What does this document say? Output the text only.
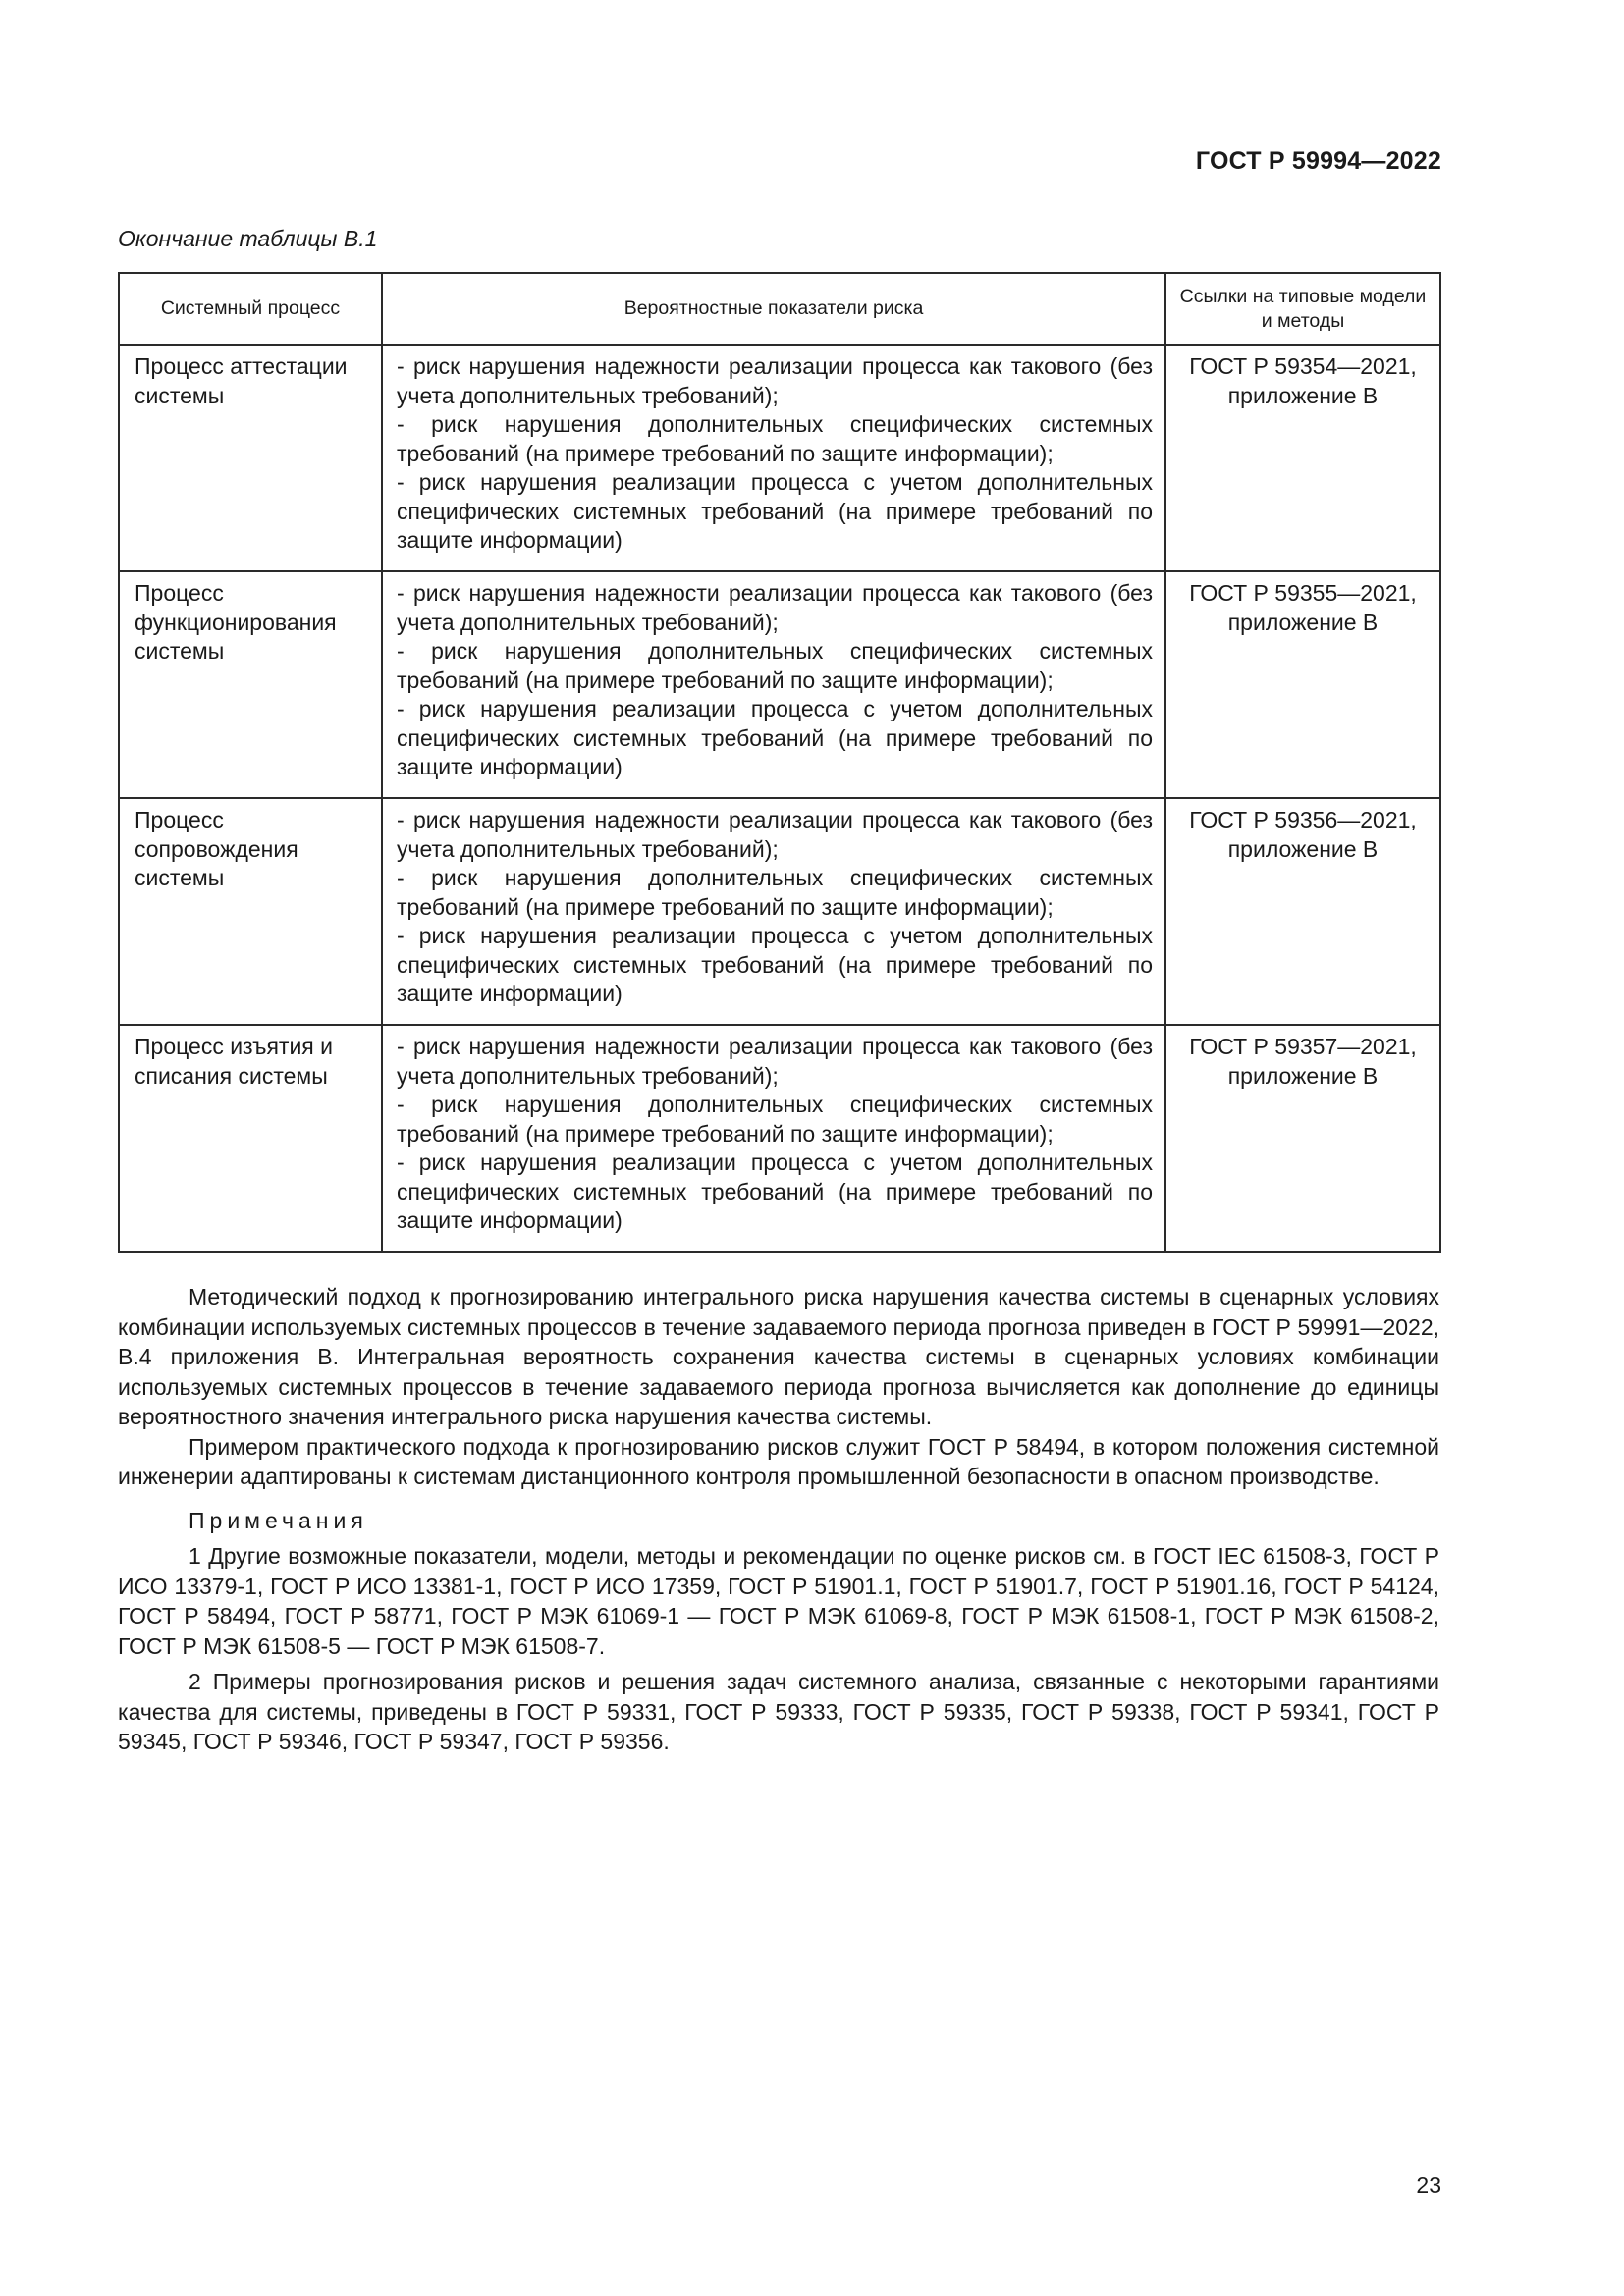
ГОСТ Р 59994—2022
Окончание таблицы В.1
Системный процесс	Вероятностные показатели риска	Ссылки на типовые модели и методы
Процесс аттестации системы	- риск нарушения надежности реализации процесса как такового (без учета дополнительных требований);
- риск нарушения дополнительных специфических системных требований (на примере требований по защите информации);
- риск нарушения реализации процесса с учетом дополнительных специфических системных требований (на примере требований по защите информации)	ГОСТ Р 59354—2021, приложение В
Процесс функционирования системы	- риск нарушения надежности реализации процесса как такового (без учета дополнительных требований);
- риск нарушения дополнительных специфических системных требований (на примере требований по защите информации);
- риск нарушения реализации процесса с учетом дополнительных специфических системных требований (на примере требований по защите информации)	ГОСТ Р 59355—2021, приложение В
Процесс сопровождения системы	- риск нарушения надежности реализации процесса как такового (без учета дополнительных требований);
- риск нарушения дополнительных специфических системных требований (на примере требований по защите информации);
- риск нарушения реализации процесса с учетом дополнительных специфических системных требований (на примере требований по защите информации)	ГОСТ Р 59356—2021, приложение В
Процесс изъятия и списания системы	- риск нарушения надежности реализации процесса как такового (без учета дополнительных требований);
- риск нарушения дополнительных специфических системных требований (на примере требований по защите информации);
- риск нарушения реализации процесса с учетом дополнительных специфических системных требований (на примере требований по защите информации)	ГОСТ Р 59357—2021, приложение В

Методический подход к прогнозированию интегрального риска нарушения качества системы в сценарных условиях комбинации используемых системных процессов в течение задаваемого периода прогноза приведен в ГОСТ Р 59991—2022, В.4 приложения В. Интегральная вероятность сохранения качества системы в сценарных условиях комбинации используемых системных процессов в течение задаваемого периода прогноза вычисляется как дополнение до единицы вероятностного значения интегрального риска нарушения качества системы.

Примером практического подхода к прогнозированию рисков служит ГОСТ Р 58494, в котором положения системной инженерии адаптированы к системам дистанционного контроля промышленной безопасности в опасном производстве.

Примечания

1 Другие возможные показатели, модели, методы и рекомендации по оценке рисков см. в ГОСТ IEC 61508-3, ГОСТ Р ИСО 13379-1, ГОСТ Р ИСО 13381-1, ГОСТ Р ИСО 17359, ГОСТ Р 51901.1, ГОСТ Р 51901.7, ГОСТ Р 51901.16, ГОСТ Р 54124, ГОСТ Р 58494, ГОСТ Р 58771, ГОСТ Р МЭК 61069-1 — ГОСТ Р МЭК 61069-8, ГОСТ Р МЭК 61508-1, ГОСТ Р МЭК 61508-2, ГОСТ Р МЭК 61508-5 — ГОСТ Р МЭК 61508-7.

2 Примеры прогнозирования рисков и решения задач системного анализа, связанные с некоторыми гарантиями качества для системы, приведены в ГОСТ Р 59331, ГОСТ Р 59333, ГОСТ Р 59335, ГОСТ Р 59338, ГОСТ Р 59341, ГОСТ Р 59345, ГОСТ Р 59346, ГОСТ Р 59347, ГОСТ Р 59356.

23
